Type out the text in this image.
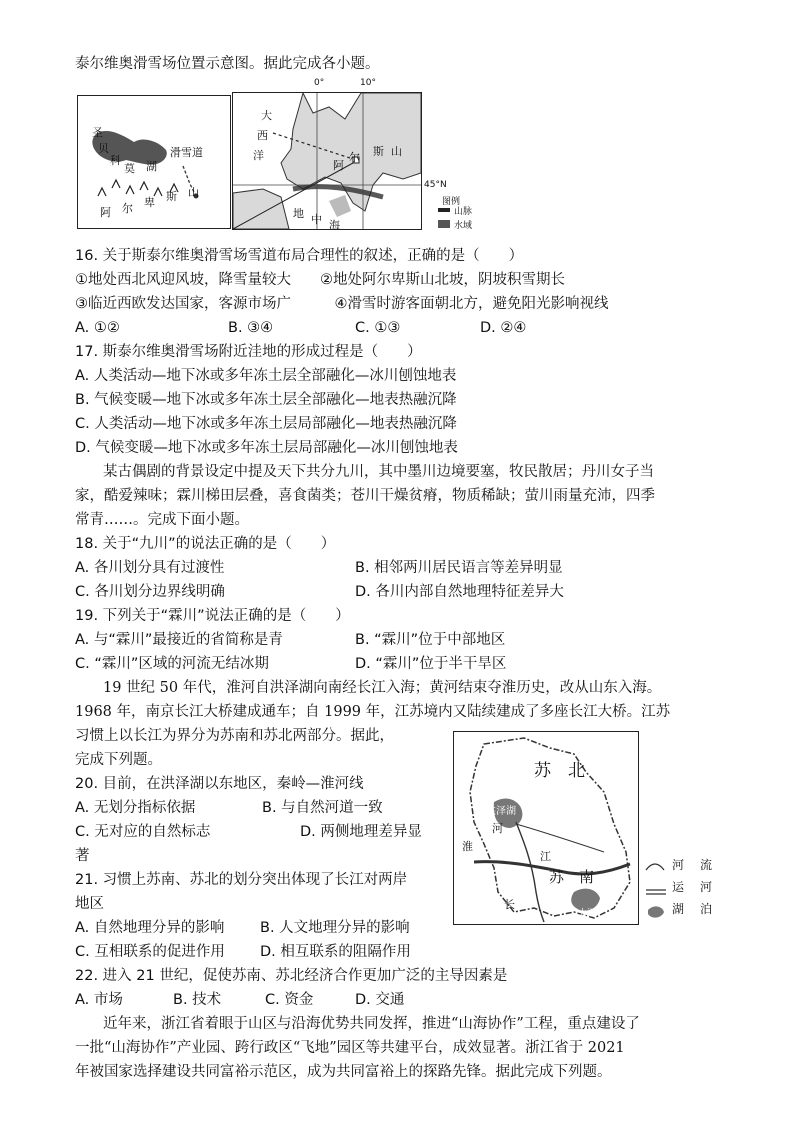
泰尔维奥滑雪场位置示意图。据此完成各小题。
圣
贝
科
莫 湖
滑雪道
阿 尔 卑 斯 山
0°	10°
大
西
洋
阿
尔 斯 山
地 中 海
45°N
图例
山脉
水域
16. 关于斯泰尔维奥滑雪场雪道布局合理性的叙述，正确的是（　　）
①地处西北风迎风坡，降雪量较大　　②地处阿尔卑斯山北坡，阴坡积雪期长
③临近西欧发达国家，客源市场广　　　④滑雪时游客面朝北方，避免阳光影响视线
A. ①②	B. ③④	C. ①③	D. ②④
17. 斯泰尔维奥滑雪场附近洼地的形成过程是（　　）
A. 人类活动—地下冰或多年冻土层全部融化—冰川刨蚀地表
B. 气候变暖—地下冰或多年冻土层全部融化—地表热融沉降
C. 人类活动—地下冰或多年冻土层局部融化—地表热融沉降
D. 气候变暖—地下冰或多年冻土层局部融化—冰川刨蚀地表
某古偶剧的背景设定中提及天下共分九川，其中墨川边境要塞，牧民散居；丹川女子当
家，酷爱辣味；霖川梯田层叠，喜食菌类；苍川干燥贫瘠，物质稀缺；萤川雨量充沛，四季
常青……。完成下面小题。
18. 关于“九川”的说法正确的是（　　）
A. 各川划分具有过渡性	B. 相邻两川居民语言等差异明显
C. 各川划分边界线明确	D. 各川内部自然地理特征差异大
19. 下列关于“霖川”说法正确的是（　　）
A. 与“霖川”最接近的省简称是青	B. “霖川”位于中部地区
C. “霖川”区域的河流无结冰期	D. “霖川”位于半干旱区
19 世纪 50 年代，淮河自洪泽湖向南经长江入海；黄河结束夺淮历史，改从山东入海。
1968 年，南京长江大桥建成通车；自 1999 年，江苏境内又陆续建成了多座长江大桥。江苏
习惯上以长江为界分为苏南和苏北两部分。据此，
完成下列题。
苏　北
苏　南
洪泽湖
淮
河
江
长
太湖
河
运
湖
流
河
泊
20. 目前，在洪泽湖以东地区，秦岭—淮河线
A. 无划分指标依据	B. 与自然河道一致
C. 无对应的自然标志	D. 两侧地理差异显
著
21. 习惯上苏南、苏北的划分突出体现了长江对两岸
地区
A. 自然地理分异的影响 B. 人文地理分异的影响
C. 互相联系的促进作用 D. 相互联系的阻隔作用
22. 进入 21 世纪，促使苏南、苏北经济合作更加广泛的主导因素是
A. 市场	B. 技术	C. 资金	D. 交通
近年来，浙江省着眼于山区与沿海优势共同发挥，推进“山海协作”工程，重点建设了
一批“山海协作”产业园、跨行政区“飞地”园区等共建平台，成效显著。浙江省于 2021
年被国家选择建设共同富裕示范区，成为共同富裕上的探路先锋。据此完成下列题。
